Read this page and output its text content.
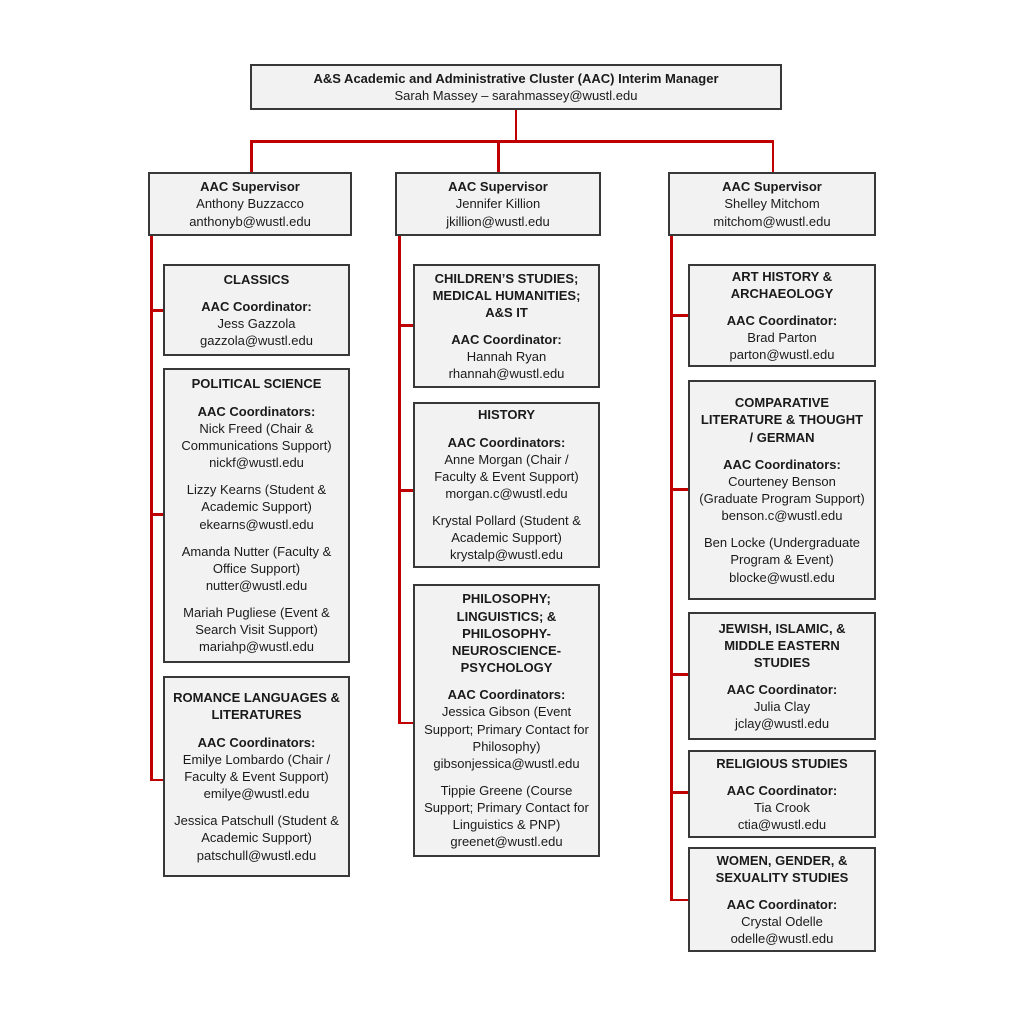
A&S Academic and Administrative Cluster (AAC) Interim Manager
Sarah Massey – sarahmassey@wustl.edu
AAC Supervisor
Anthony Buzzacco
anthonyb@wustl.edu
AAC Supervisor
Jennifer Killion
jkillion@wustl.edu
AAC Supervisor
Shelley Mitchom
mitchom@wustl.edu
CLASSICS
AAC Coordinator:
Jess Gazzola
gazzola@wustl.edu
POLITICAL SCIENCE
AAC Coordinators:
Nick Freed (Chair & Communications Support)
nickf@wustl.edu
Lizzy Kearns (Student & Academic Support)
ekearns@wustl.edu
Amanda Nutter (Faculty & Office Support)
nutter@wustl.edu
Mariah Pugliese (Event & Search Visit Support)
mariahp@wustl.edu
ROMANCE LANGUAGES & LITERATURES
AAC Coordinators:
Emilye Lombardo (Chair / Faculty & Event Support)
emilye@wustl.edu
Jessica Patschull (Student & Academic Support)
patschull@wustl.edu
CHILDREN’S STUDIES; MEDICAL HUMANITIES; A&S IT
AAC Coordinator:
Hannah Ryan
rhannah@wustl.edu
HISTORY
AAC Coordinators:
Anne Morgan (Chair / Faculty & Event Support)
morgan.c@wustl.edu
Krystal Pollard (Student & Academic Support)
krystalp@wustl.edu
PHILOSOPHY; LINGUISTICS; & PHILOSOPHY-NEUROSCIENCE-PSYCHOLOGY
AAC Coordinators:
Jessica Gibson (Event Support; Primary Contact for Philosophy)
gibsonjessica@wustl.edu
Tippie Greene (Course Support; Primary Contact for Linguistics & PNP)
greenet@wustl.edu
ART HISTORY & ARCHAEOLOGY
AAC Coordinator:
Brad Parton
parton@wustl.edu
COMPARATIVE LITERATURE & THOUGHT / GERMAN
AAC Coordinators:
Courteney Benson (Graduate Program Support)
benson.c@wustl.edu
Ben Locke (Undergraduate Program & Event)
blocke@wustl.edu
JEWISH, ISLAMIC, & MIDDLE EASTERN STUDIES
AAC Coordinator:
Julia Clay
jclay@wustl.edu
RELIGIOUS STUDIES
AAC Coordinator:
Tia Crook
ctia@wustl.edu
WOMEN, GENDER, & SEXUALITY STUDIES
AAC Coordinator:
Crystal Odelle
odelle@wustl.edu
